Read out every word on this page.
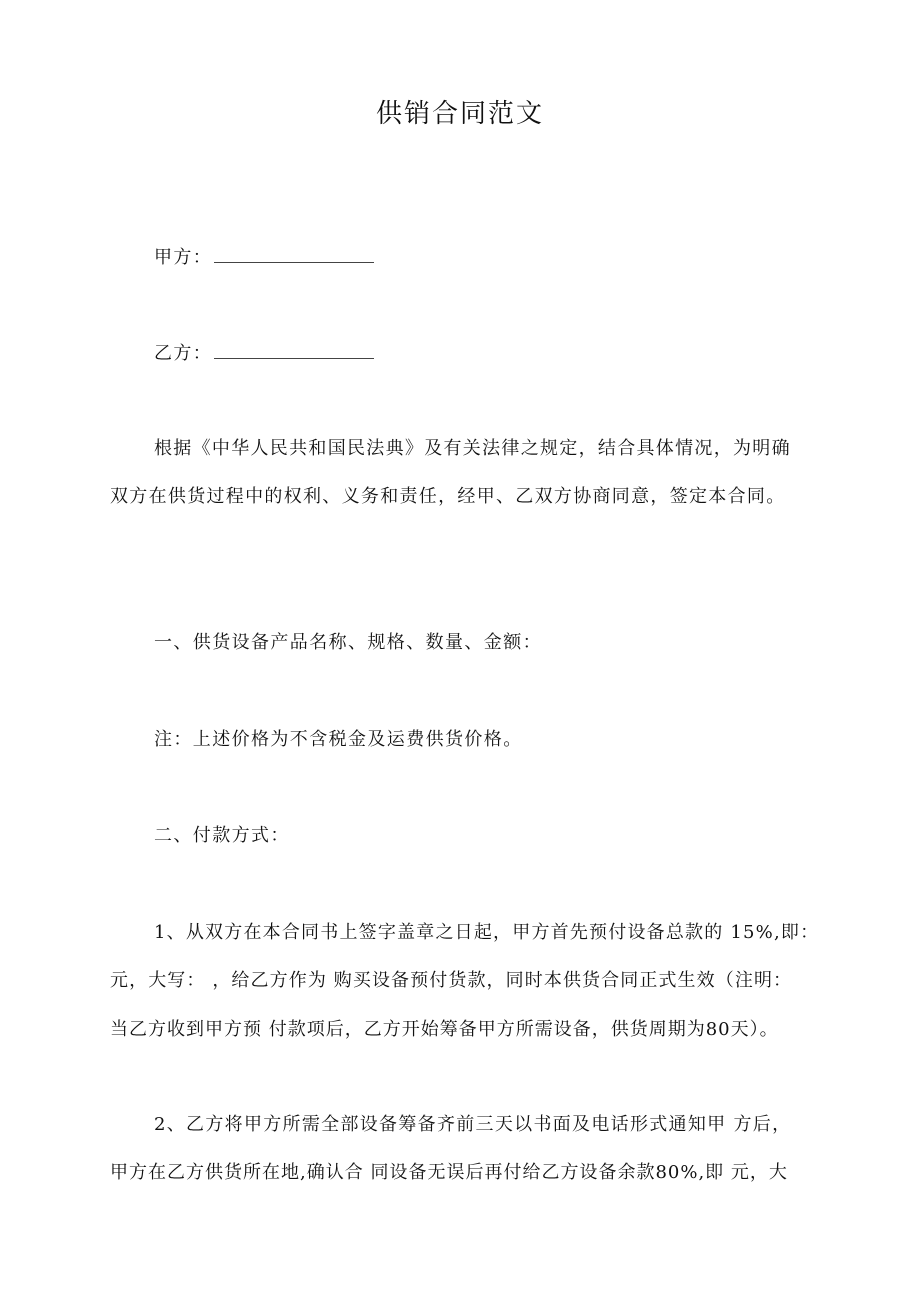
供销合同范文
甲方：
乙方：
根据《中华人民共和国民法典》及有关法律之规定，结合具体情况，为明确
双方在供货过程中的权利、义务和责任，经甲、乙双方协商同意，签定本合同。
一、供货设备产品名称、规格、数量、金额：
注：上述价格为不含税金及运费供货价格。
二、付款方式：
1、从双方在本合同书上签字盖章之日起，甲方首先预付设备总款的 15%,即：
元，大写： ，给乙方作为 购买设备预付货款，同时本供货合同正式生效（注明：
当乙方收到甲方预 付款项后，乙方开始筹备甲方所需设备，供货周期为80天）。
2、乙方将甲方所需全部设备筹备齐前三天以书面及电话形式通知甲 方后，
甲方在乙方供货所在地,确认合 同设备无误后再付给乙方设备余款80%,即 元，大
